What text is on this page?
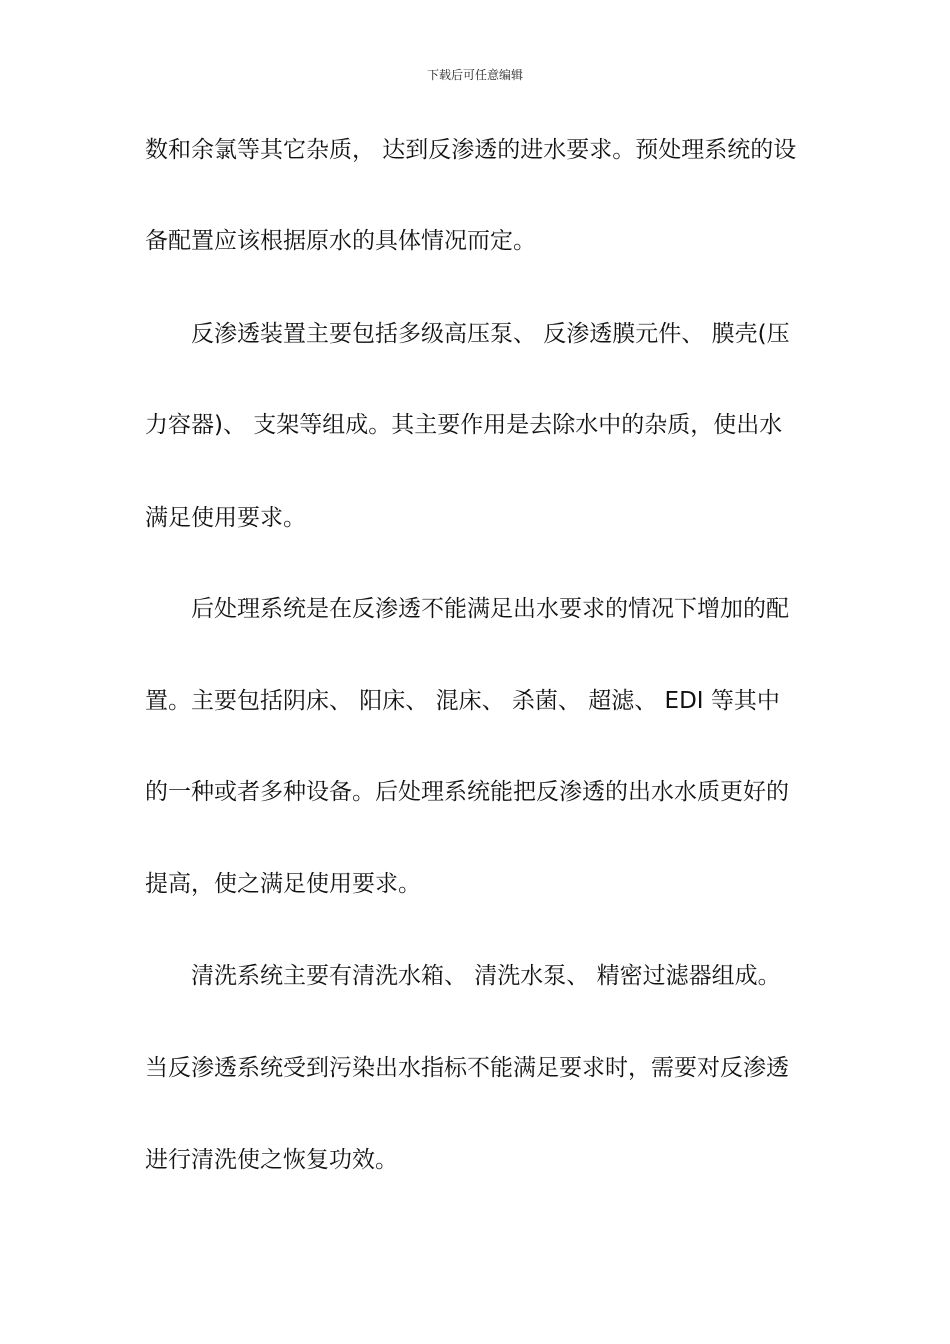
下载后可任意编辑
数和余氯等其它杂质， 达到反渗透的进水要求。预处理系统的设
备配置应该根据原水的具体情况而定。
反渗透装置主要包括多级高压泵、 反渗透膜元件、 膜壳(压
力容器)、 支架等组成。其主要作用是去除水中的杂质，使出水
满足使用要求。
后处理系统是在反渗透不能满足出水要求的情况下增加的配
置。主要包括阴床、 阳床、 混床、 杀菌、 超滤、 EDI 等其中
的一种或者多种设备。后处理系统能把反渗透的出水水质更好的
提高，使之满足使用要求。
清洗系统主要有清洗水箱、 清洗水泵、 精密过滤器组成。
当反渗透系统受到污染出水指标不能满足要求时，需要对反渗透
进行清洗使之恢复功效。
